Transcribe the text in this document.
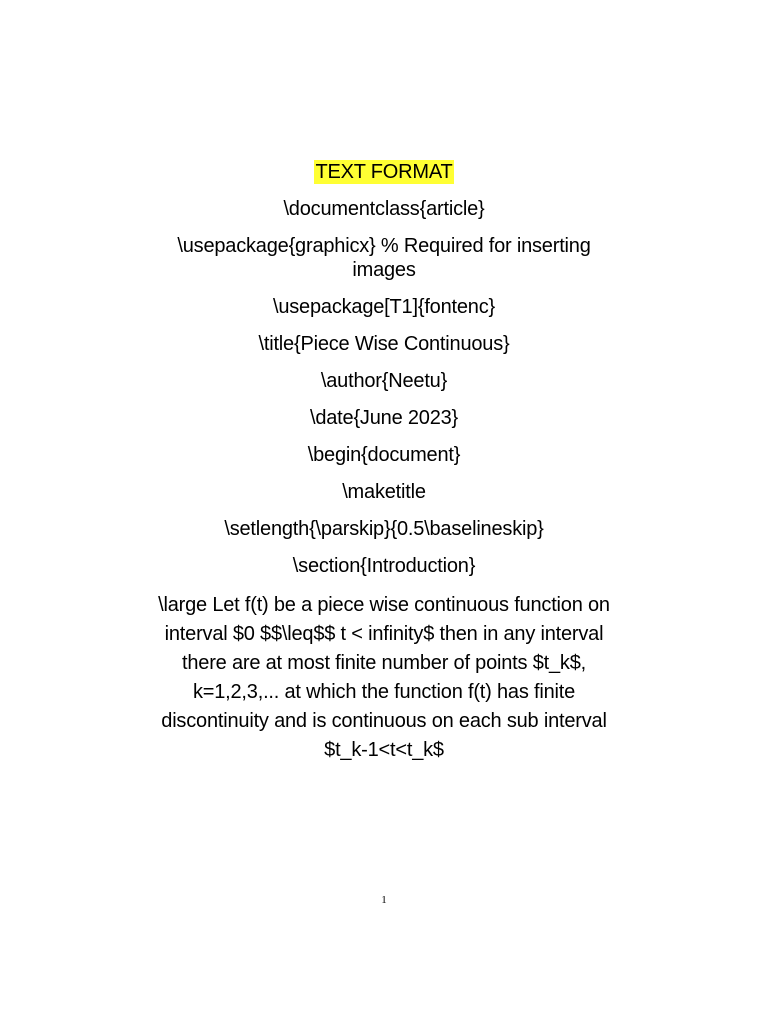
TEXT FORMAT
\documentclass{article}
\usepackage{graphicx} % Required for inserting images
\usepackage[T1]{fontenc}
\title{Piece Wise Continuous}
\author{Neetu}
\date{June 2023}
\begin{document}
\maketitle
\setlength{\parskip}{0.5\baselineskip}
\section{Introduction}
\large Let f(t) be a piece wise continuous function on interval $0 $$\leq$$ t < infinity$ then in any interval there are at most finite number of points $t_k$, k=1,2,3,... at which the function f(t) has finite discontinuity and is continuous on each sub interval $t_k-1<t<t_k$
1
